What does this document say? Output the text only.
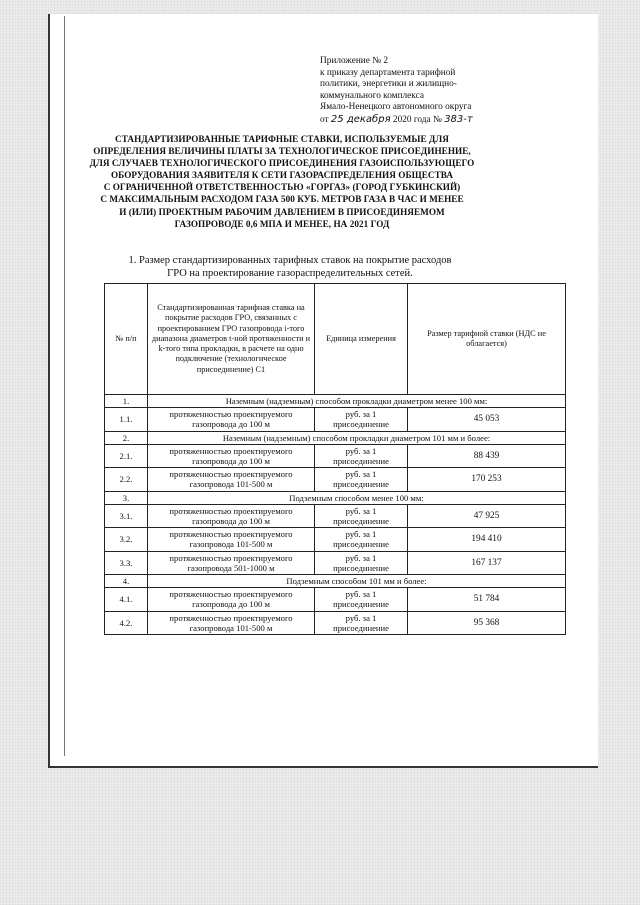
Приложение № 2
к приказу департамента тарифной
политики, энергетики и жилищно-
коммунального комплекса
Ямало-Ненецкого автономного округа
от 25 декабря 2020 года № 383-т
СТАНДАРТИЗИРОВАННЫЕ ТАРИФНЫЕ СТАВКИ, ИСПОЛЬЗУЕМЫЕ ДЛЯ
ОПРЕДЕЛЕНИЯ ВЕЛИЧИНЫ ПЛАТЫ ЗА ТЕХНОЛОГИЧЕСКОЕ ПРИСОЕДИНЕНИЕ,
ДЛЯ СЛУЧАЕВ ТЕХНОЛОГИЧЕСКОГО ПРИСОЕДИНЕНИЯ ГАЗОИСПОЛЬЗУЮЩЕГО
ОБОРУДОВАНИЯ ЗАЯВИТЕЛЯ К СЕТИ ГАЗОРАСПРЕДЕЛЕНИЯ ОБЩЕСТВА
С ОГРАНИЧЕННОЙ ОТВЕТСТВЕННОСТЬЮ «ГОРГАЗ» (ГОРОД ГУБКИНСКИЙ)
С МАКСИМАЛЬНЫМ РАСХОДОМ ГАЗА 500 КУБ. МЕТРОВ ГАЗА В ЧАС И МЕНЕЕ
И (ИЛИ) ПРОЕКТНЫМ РАБОЧИМ ДАВЛЕНИЕМ В ПРИСОЕДИНЯЕМОМ
ГАЗОПРОВОДЕ 0,6 МПА И МЕНЕЕ, НА 2021 ГОД
1. Размер стандартизированных тарифных ставок на покрытие расходов
ГРО на проектирование газораспределительных сетей.
№ п/п	Стандартизированная тарифная ставка на покрытие расходов ГРО, связанных с проектированием ГРО газопровода i-того диапазона диаметров t-ной протяженности и k-того типа прокладки, в расчете на одно подключение (технологическое присоединение) C1	Единица измерения	Размер тарифной ставки (НДС не облагается)
1.	Наземным (надземным) способом прокладки диаметром менее 100 мм:		
1.1.	протяженностью проектируемого газопровода до 100 м	руб. за 1 присоединение	45 053
2.	Наземным (надземным) способом прокладки диаметром 101 мм и более:		
2.1.	протяженностью проектируемого газопровода до 100 м	руб. за 1 присоединение	88 439
2.2.	протяженностью проектируемого газопровода 101-500 м	руб. за 1 присоединение	170 253
3.	Подземным способом менее 100 мм:		
3.1.	протяженностью проектируемого газопровода до 100 м	руб. за 1 присоединение	47 925
3.2.	протяженностью проектируемого газопровода 101-500 м	руб. за 1 присоединение	194 410
3.3.	протяженностью проектируемого газопровода 501-1000 м	руб. за 1 присоединение	167 137
4.	Подземным способом 101 мм и более:		
4.1.	протяженностью проектируемого газопровода до 100 м	руб. за 1 присоединение	51 784
4.2.	протяженностью проектируемого газопровода 101-500 м	руб. за 1 присоединение	95 368
